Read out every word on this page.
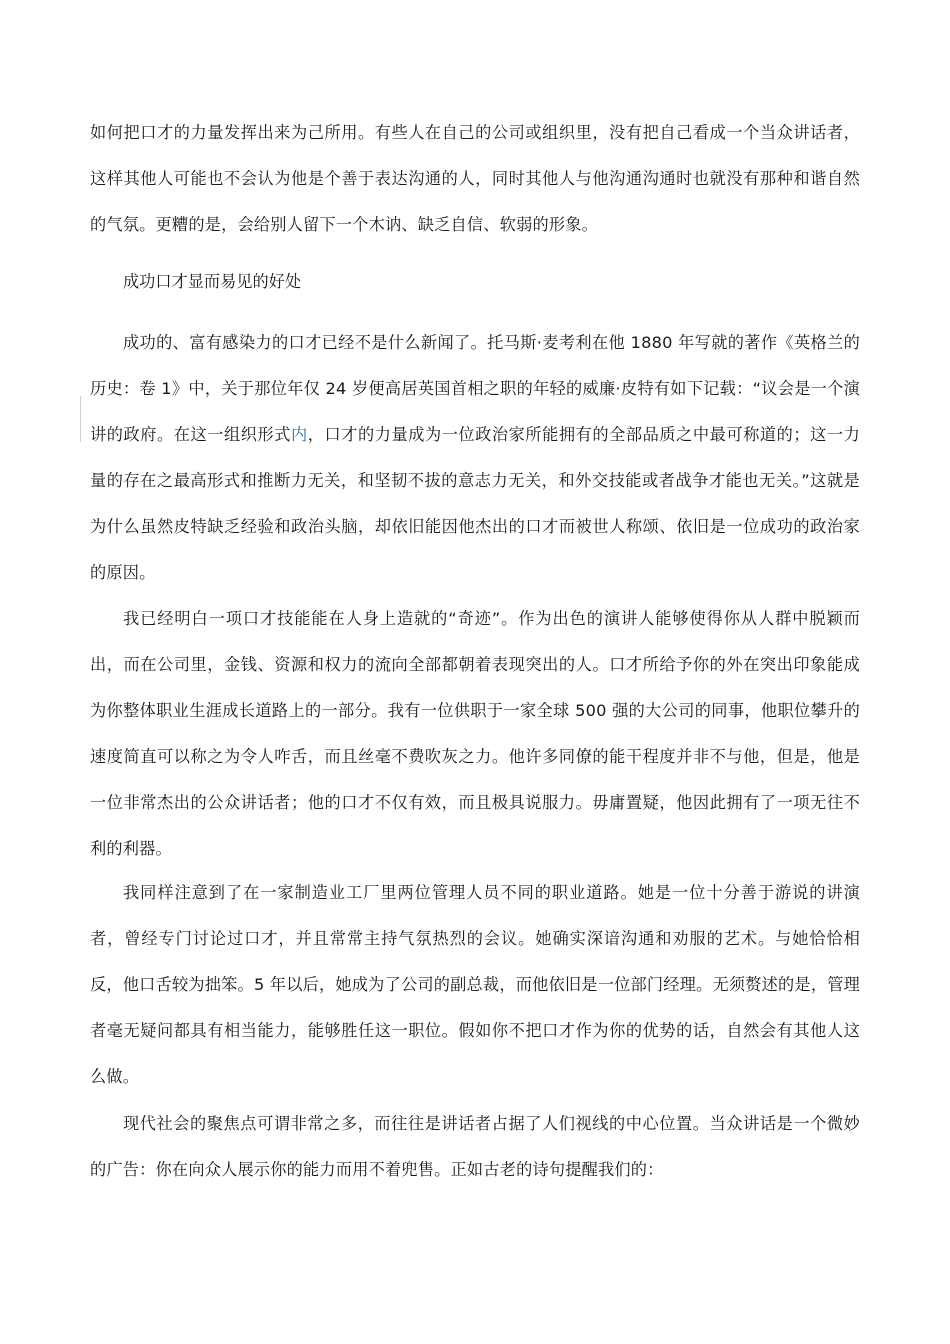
如何把口才的力量发挥出来为己所用。有些人在自己的公司或组织里，没有把自己看成一个当众讲话者，这样其他人可能也不会认为他是个善于表达沟通的人，同时其他人与他沟通沟通时也就没有那种和谐自然的气氛。更糟的是，会给别人留下一个木讷、缺乏自信、软弱的形象。

成功口才显而易见的好处

成功的、富有感染力的口才已经不是什么新闻了。托马斯·麦考利在他 1880 年写就的著作《英格兰的历史：卷 1》中，关于那位年仅 24 岁便高居英国首相之职的年轻的威廉·皮特有如下记载：“议会是一个演讲的政府。在这一组织形式内，口才的力量成为一位政治家所能拥有的全部品质之中最可称道的；这一力量的存在之最高形式和推断力无关，和坚韧不拔的意志力无关，和外交技能或者战争才能也无关。”这就是为什么虽然皮特缺乏经验和政治头脑，却依旧能因他杰出的口才而被世人称颂、依旧是一位成功的政治家的原因。

我已经明白一项口才技能能在人身上造就的“奇迹”。作为出色的演讲人能够使得你从人群中脱颖而出，而在公司里，金钱、资源和权力的流向全部都朝着表现突出的人。口才所给予你的外在突出印象能成为你整体职业生涯成长道路上的一部分。我有一位供职于一家全球 500 强的大公司的同事，他职位攀升的速度简直可以称之为令人咋舌，而且丝毫不费吹灰之力。他许多同僚的能干程度并非不与他，但是，他是一位非常杰出的公众讲话者；他的口才不仅有效，而且极具说服力。毋庸置疑，他因此拥有了一项无往不利的利器。

我同样注意到了在一家制造业工厂里两位管理人员不同的职业道路。她是一位十分善于游说的讲演者，曾经专门讨论过口才，并且常常主持气氛热烈的会议。她确实深谙沟通和劝服的艺术。与她恰恰相反，他口舌较为拙笨。5 年以后，她成为了公司的副总裁，而他依旧是一位部门经理。无须赘述的是，管理者毫无疑问都具有相当能力，能够胜任这一职位。假如你不把口才作为你的优势的话，自然会有其他人这么做。

现代社会的聚焦点可谓非常之多，而往往是讲话者占据了人们视线的中心位置。当众讲话是一个微妙的广告：你在向众人展示你的能力而用不着兜售。正如古老的诗句提醒我们的：
